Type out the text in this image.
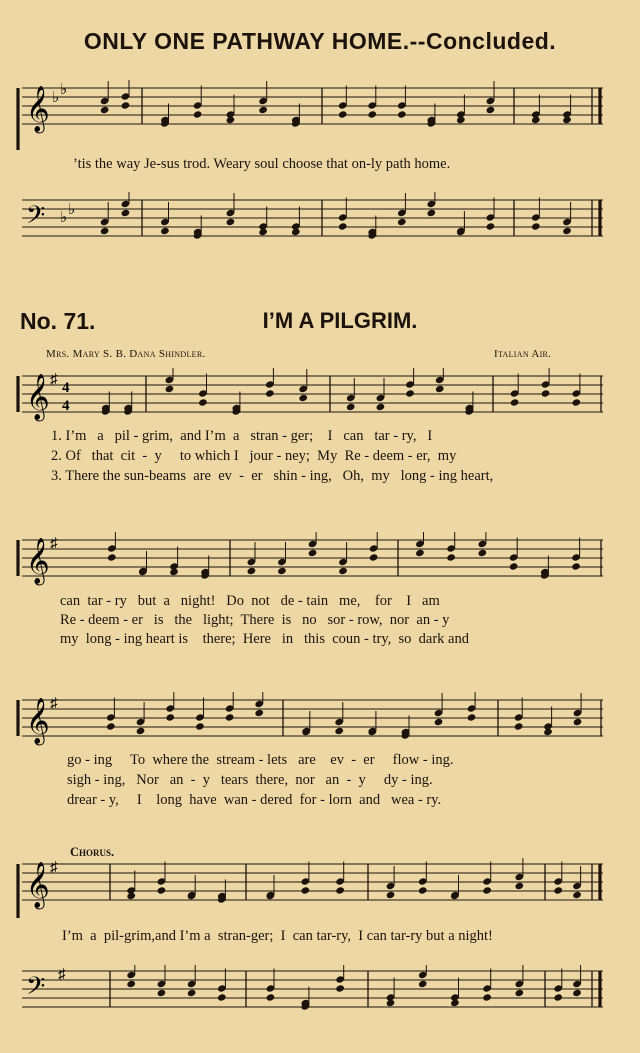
ONLY ONE PATHWAY HOME.--Concluded.
𝄞 ♭ ♭
’tis the way Je-sus trod. Weary soul choose that on-ly path home.
𝄢 ♭ ♭
No. 71.	I’M A PILGRIM.
Mrs. Mary S. B. Dana Shindler.	Italian Air.
𝄞 ♯ 4
4
1. I’m   a   pil - grim,  and I’m  a   stran - ger;    I   can   tar - ry,   I
2. Of   that  cit  -  y     to which I   jour - ney;  My  Re - deem - er,  my
3. There the sun-beams  are  ev  -  er   shin - ing,   Oh,  my   long - ing heart,
𝄞 ♯
can  tar - ry   but  a   night!   Do  not   de - tain   me,    for    I   am
Re - deem - er   is   the   light;  There  is   no   sor - row,  nor  an - y
my  long - ing heart is    there;  Here   in   this  coun - try,  so  dark and
𝄞 ♯
go - ing     To  where the  stream - lets   are    ev  -  er     flow - ing.
sigh - ing,   Nor   an  -  y   tears  there,  nor   an  -  y     dy - ing.
drear - y,     I    long  have  wan - dered  for - lorn  and   wea - ry.
Chorus.
𝄞 ♯
I’m  a  pil-grim,and I’m a  stran-ger;  I  can tar-ry,  I can tar-ry but a night!
𝄢 ♯
